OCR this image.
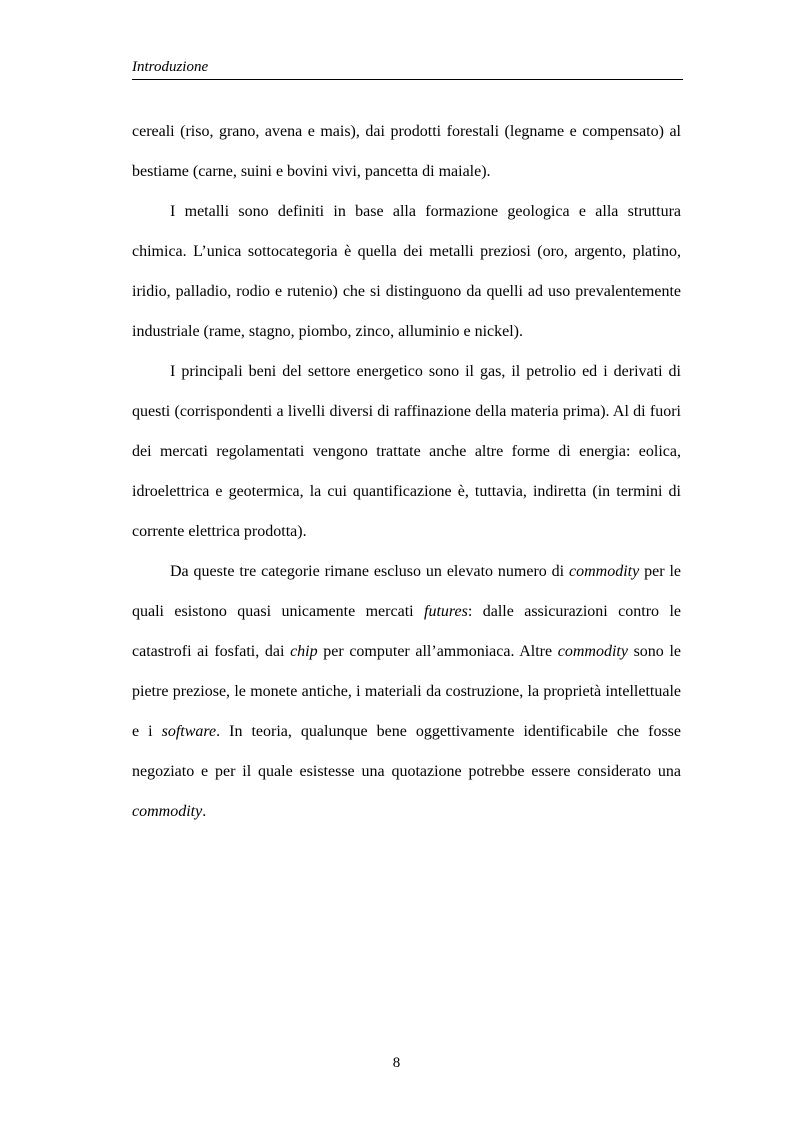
Introduzione

cereali (riso, grano, avena e mais), dai prodotti forestali (legname e compensato) al bestiame (carne, suini e bovini vivi, pancetta di maiale).

I metalli sono definiti in base alla formazione geologica e alla struttura chimica. L’unica sottocategoria è quella dei metalli preziosi (oro, argento, platino, iridio, palladio, rodio e rutenio) che si distinguono da quelli ad uso prevalentemente industriale (rame, stagno, piombo, zinco, alluminio e nickel).

I principali beni del settore energetico sono il gas, il petrolio ed i derivati di questi (corrispondenti a livelli diversi di raffinazione della materia prima). Al di fuori dei mercati regolamentati vengono trattate anche altre forme di energia: eolica, idroelettrica e geotermica, la cui quantificazione è, tuttavia, indiretta (in termini di corrente elettrica prodotta).

Da queste tre categorie rimane escluso un elevato numero di commodity per le quali esistono quasi unicamente mercati futures: dalle assicurazioni contro le catastrofi ai fosfati, dai chip per computer all’ammoniaca. Altre commodity sono le pietre preziose, le monete antiche, i materiali da costruzione, la proprietà intellettuale e i software. In teoria, qualunque bene oggettivamente identificabile che fosse negoziato e per il quale esistesse una quotazione potrebbe essere considerato una commodity.

8
